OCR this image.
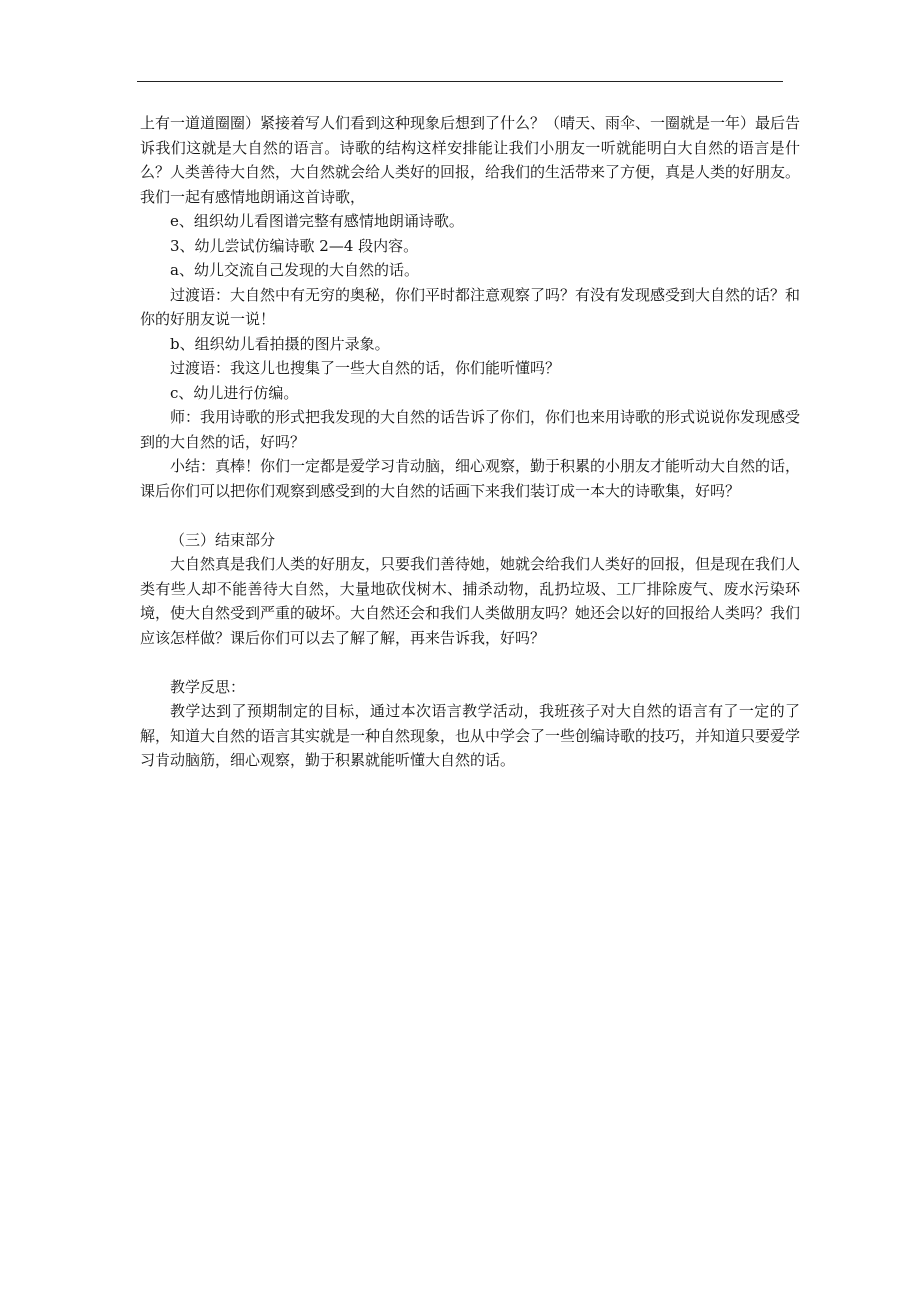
上有一道道圈圈）紧接着写人们看到这种现象后想到了什么？（晴天、雨伞、一圈就是一年）最后告诉我们这就是大自然的语言。诗歌的结构这样安排能让我们小朋友一听就能明白大自然的语言是什么？人类善待大自然，大自然就会给人类好的回报，给我们的生活带来了方便，真是人类的好朋友。我们一起有感情地朗诵这首诗歌，

e、组织幼儿看图谱完整有感情地朗诵诗歌。

3、幼儿尝试仿编诗歌 2—4 段内容。

a、幼儿交流自己发现的大自然的话。

过渡语：大自然中有无穷的奥秘，你们平时都注意观察了吗？有没有发现感受到大自然的话？和你的好朋友说一说！

b、组织幼儿看拍摄的图片录象。

过渡语：我这儿也搜集了一些大自然的话，你们能听懂吗？

c、幼儿进行仿编。

师：我用诗歌的形式把我发现的大自然的话告诉了你们，你们也来用诗歌的形式说说你发现感受到的大自然的话，好吗？

小结：真棒！你们一定都是爱学习肯动脑，细心观察，勤于积累的小朋友才能听动大自然的话，课后你们可以把你们观察到感受到的大自然的话画下来我们装订成一本大的诗歌集，好吗？

（三）结束部分

大自然真是我们人类的好朋友，只要我们善待她，她就会给我们人类好的回报，但是现在我们人类有些人却不能善待大自然，大量地砍伐树木、捕杀动物，乱扔垃圾、工厂排除废气、废水污染环境，使大自然受到严重的破坏。大自然还会和我们人类做朋友吗？她还会以好的回报给人类吗？我们应该怎样做？课后你们可以去了解了解，再来告诉我，好吗？

教学反思：

教学达到了预期制定的目标，通过本次语言教学活动，我班孩子对大自然的语言有了一定的了解，知道大自然的语言其实就是一种自然现象，也从中学会了一些创编诗歌的技巧，并知道只要爱学习肯动脑筋，细心观察，勤于积累就能听懂大自然的话。
